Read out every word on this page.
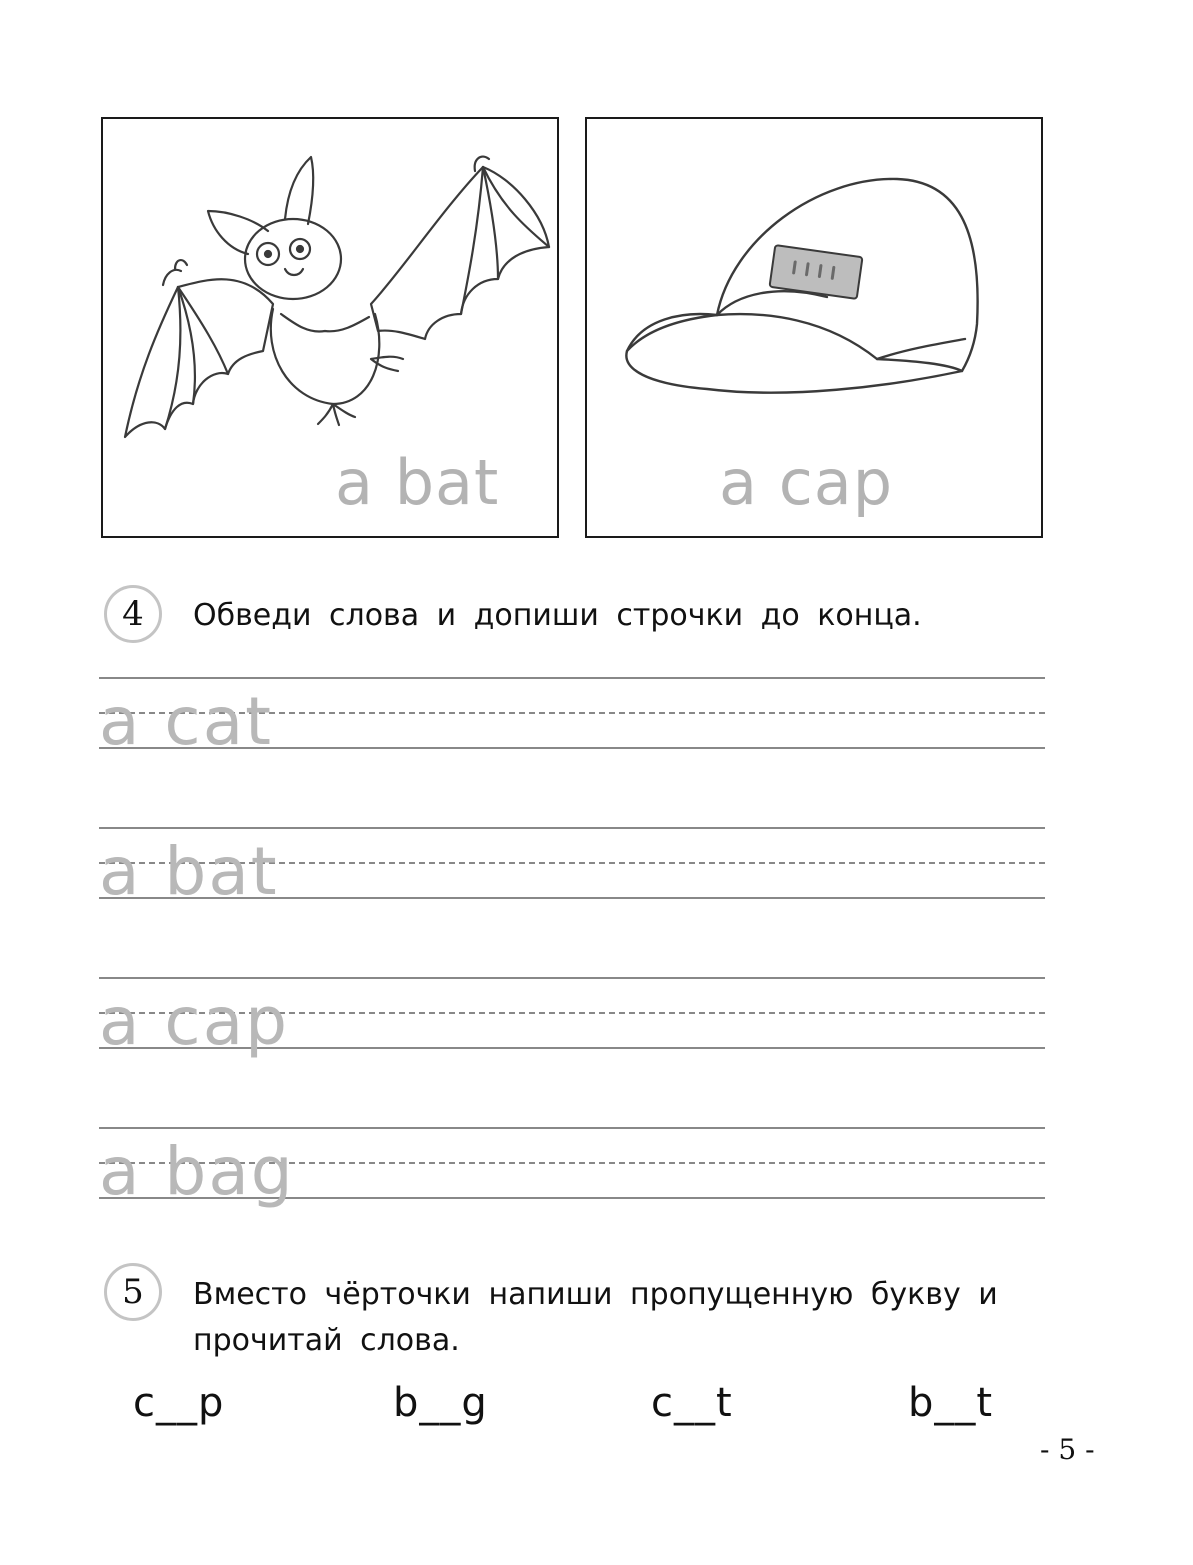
a bat	a cap
4	Обведи слова и допиши строчки до конца.
a cat
a bat
a cap
a bag
5	Вместо чёрточки напиши пропущенную букву и
прочитай слова.
c__p	b__g	c__t	b__t
- 5 -
